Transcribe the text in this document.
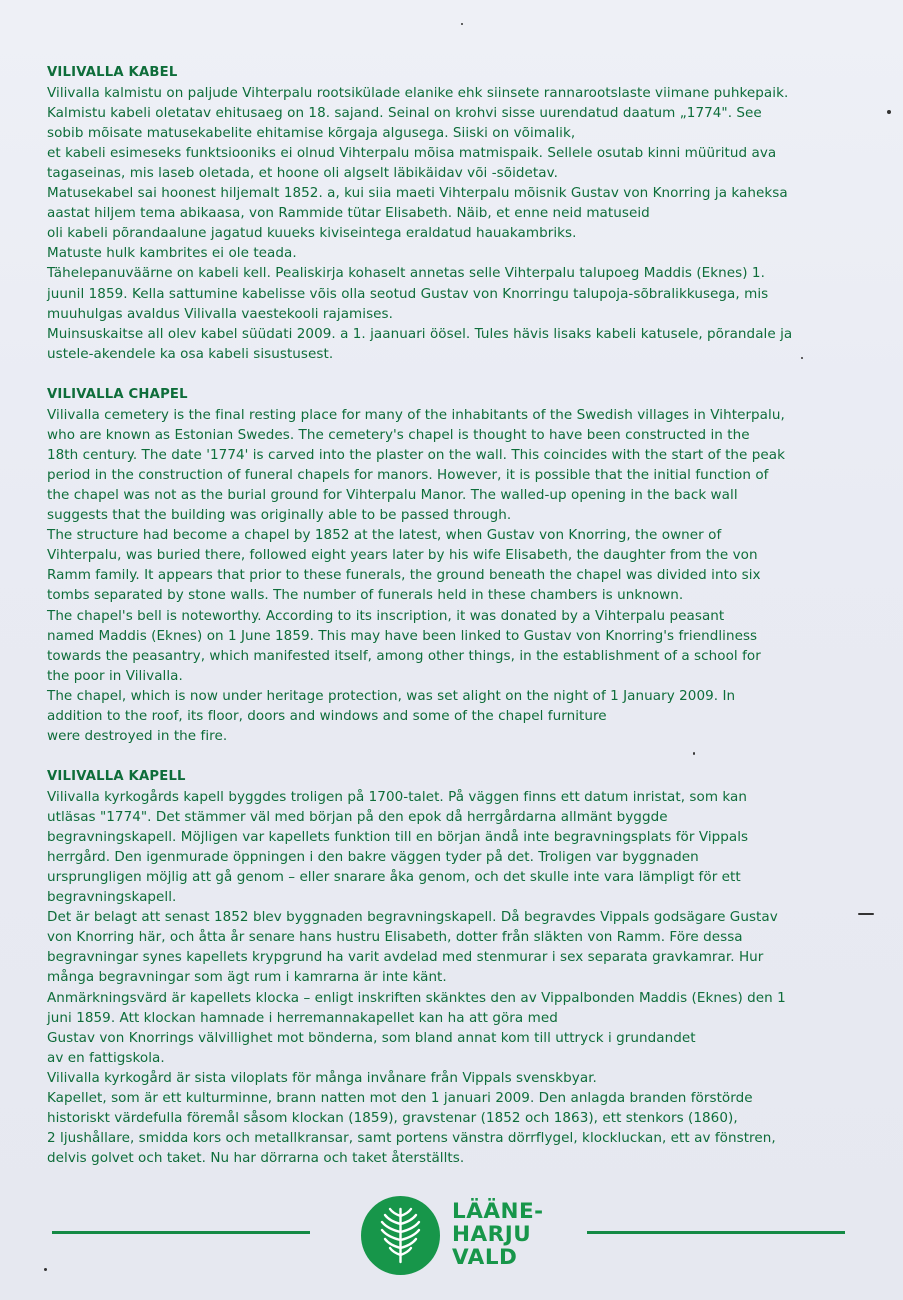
VILIVALLA KABEL
Vilivalla kalmistu on paljude Vihterpalu rootsikülade elanike ehk siinsete rannarootslaste viimane puhkepaik.
Kalmistu kabeli oletatav ehitusaeg on 18. sajand. Seinal on krohvi sisse uurendatud daatum „1774". See
sobib mõisate matusekabelite ehitamise kõrgaja algusega. Siiski on võimalik,
et kabeli esimeseks funktsiooniks ei olnud Vihterpalu mõisa matmispaik. Sellele osutab kinni müüritud ava
tagaseinas, mis laseb oletada, et hoone oli algselt läbikäidav või -sõidetav.
Matusekabel sai hoonest hiljemalt 1852. a, kui siia maeti Vihterpalu mõisnik Gustav von Knorring ja kaheksa
aastat hiljem tema abikaasa, von Rammide tütar Elisabeth. Näib, et enne neid matuseid
oli kabeli põrandaalune jagatud kuueks kiviseintega eraldatud hauakambriks.
Matuste hulk kambrites ei ole teada.
Tähelepanuväärne on kabeli kell. Pealiskirja kohaselt annetas selle Vihterpalu talupoeg Maddis (Eknes) 1.
juunil 1859. Kella sattumine kabelisse võis olla seotud Gustav von Knorringu talupoja-sõbralikkusega, mis
muuhulgas avaldus Vilivalla vaestekooli rajamises.
Muinsuskaitse all olev kabel süüdati 2009. a 1. jaanuari öösel. Tules hävis lisaks kabeli katusele, põrandale ja
ustele-akendele ka osa kabeli sisustusest.
VILIVALLA CHAPEL
Vilivalla cemetery is the final resting place for many of the inhabitants of the Swedish villages in Vihterpalu,
who are known as Estonian Swedes. The cemetery's chapel is thought to have been constructed in the
18th century. The date '1774' is carved into the plaster on the wall. This coincides with the start of the peak
period in the construction of funeral chapels for manors. However, it is possible that the initial function of
the chapel was not as the burial ground for Vihterpalu Manor. The walled-up opening in the back wall
suggests that the building was originally able to be passed through.
The structure had become a chapel by 1852 at the latest, when Gustav von Knorring, the owner of
Vihterpalu, was buried there, followed eight years later by his wife Elisabeth, the daughter from the von
Ramm family. It appears that prior to these funerals, the ground beneath the chapel was divided into six
tombs separated by stone walls. The number of funerals held in these chambers is unknown.
The chapel's bell is noteworthy. According to its inscription, it was donated by a Vihterpalu peasant
named Maddis (Eknes) on 1 June 1859. This may have been linked to Gustav von Knorring's friendliness
towards the peasantry, which manifested itself, among other things, in the establishment of a school for
the poor in Vilivalla.
The chapel, which is now under heritage protection, was set alight on the night of 1 January 2009. In
addition to the roof, its floor, doors and windows and some of the chapel furniture
were destroyed in the fire.
VILIVALLA KAPELL
Vilivalla kyrkogårds kapell byggdes troligen på 1700-talet. På väggen finns ett datum inristat, som kan
utläsas "1774". Det stämmer väl med början på den epok då herrgårdarna allmänt byggde
begravningskapell. Möjligen var kapellets funktion till en början ändå inte begravningsplats för Vippals
herrgård. Den igenmurade öppningen i den bakre väggen tyder på det. Troligen var byggnaden
ursprungligen möjlig att gå genom – eller snarare åka genom, och det skulle inte vara lämpligt för ett
begravningskapell.
Det är belagt att senast 1852 blev byggnaden begravningskapell. Då begravdes Vippals godsägare Gustav
von Knorring här, och åtta år senare hans hustru Elisabeth, dotter från släkten von Ramm. Före dessa
begravningar synes kapellets krypgrund ha varit avdelad med stenmurar i sex separata gravkamrar. Hur
många begravningar som ägt rum i kamrarna är inte känt.
Anmärkningsvärd är kapellets klocka – enligt inskriften skänktes den av Vippalbonden Maddis (Eknes) den 1
juni 1859. Att klockan hamnade i herremannakapellet kan ha att göra med
Gustav von Knorrings välvillighet mot bönderna, som bland annat kom till uttryck i grundandet
av en fattigskola.
Vilivalla kyrkogård är sista viloplats för många invånare från Vippals svenskbyar.
Kapellet, som är ett kulturminne, brann natten mot den 1 januari 2009. Den anlagda branden förstörde
historiskt värdefulla föremål såsom klockan (1859), gravstenar (1852 och 1863), ett stenkors (1860),
2 ljushållare, smidda kors och metallkransar, samt portens vänstra dörrflygel, klockluckan, ett av fönstren,
delvis golvet och taket. Nu har dörrarna och taket återställts.
LÄÄNE-
HARJU
VALD
